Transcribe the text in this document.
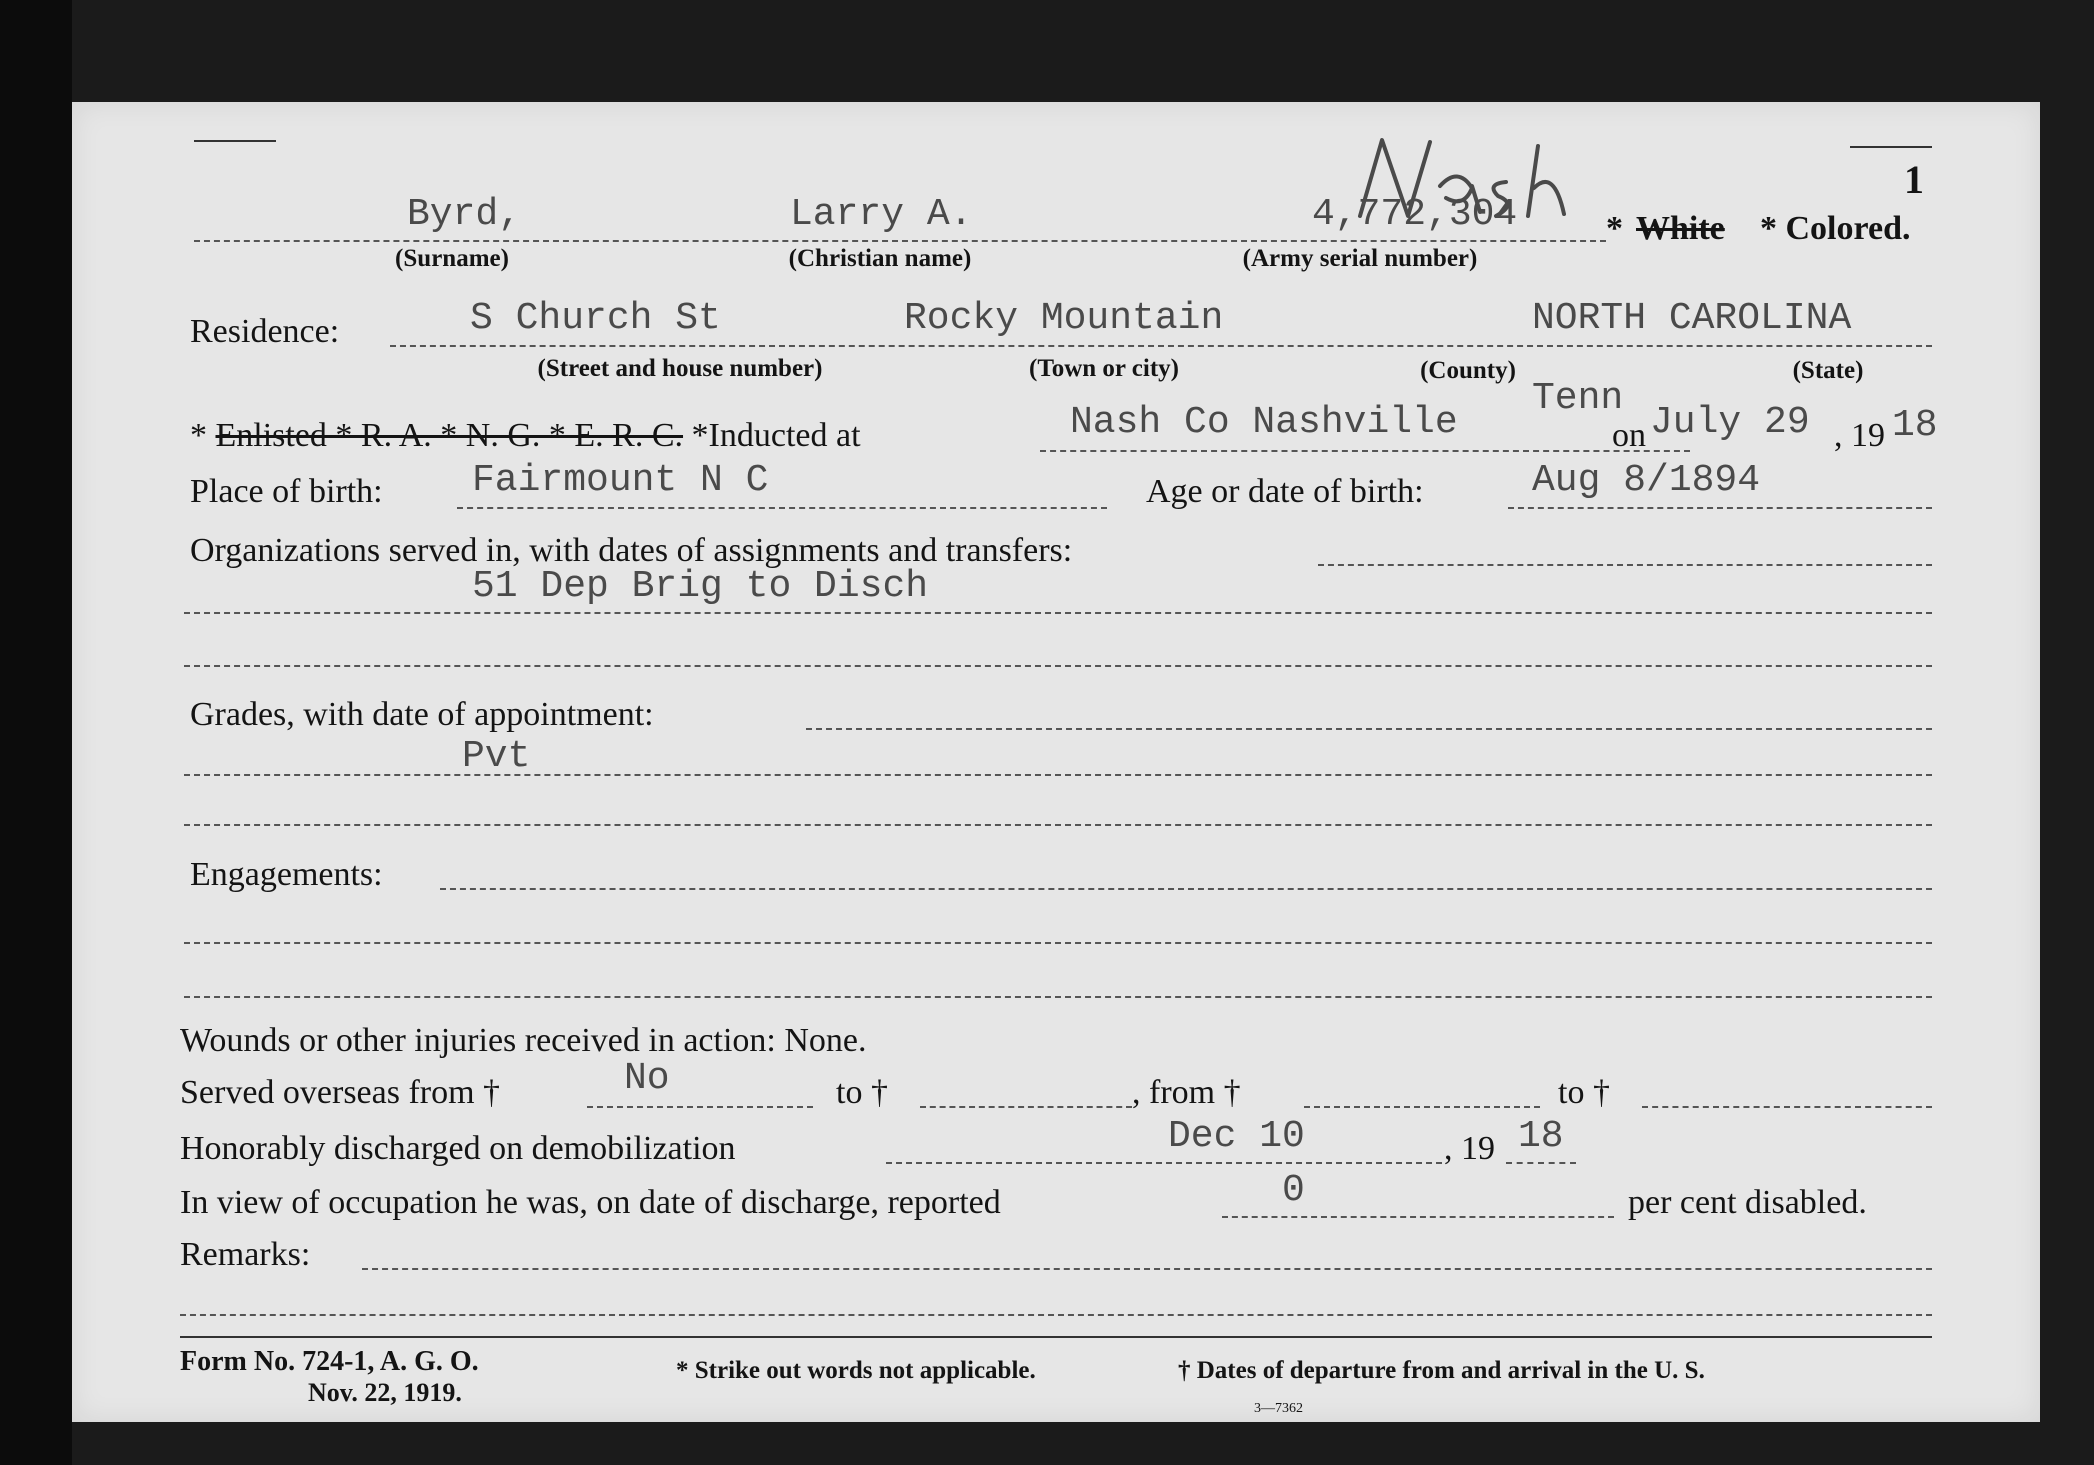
1
Byrd,	Larry A.	4,772,304	* White * Colored.
(Surname)	(Christian name)	(Army serial number)
Residence:	S Church St	Rocky Mountain	NORTH CAROLINA
(Street and house number)	(Town or city)	(County)	(State)
* Enlisted * R. A. * N. G. * E. R. C. *Inducted at	Nash Co Nashville
Tenn
on July 29 , 19 18
Place of birth: Fairmount N C	Age or date of birth:	Aug 8/1894
Organizations served in, with dates of assignments and transfers:
51 Dep Brig to Disch
Grades, with date of appointment:
Pvt
Engagements:
Wounds or other injuries received in action: None.
Served overseas from †	No	to †	, from †	to †
Honorably discharged on demobilization	Dec 10	, 19 18
In view of occupation he was, on date of discharge, reported	0	per cent disabled.
Remarks:
Form No. 724-1, A. G. O.
Nov. 22, 1919.
* Strike out words not applicable.	† Dates of departure from and arrival in the U. S.
3—7362
